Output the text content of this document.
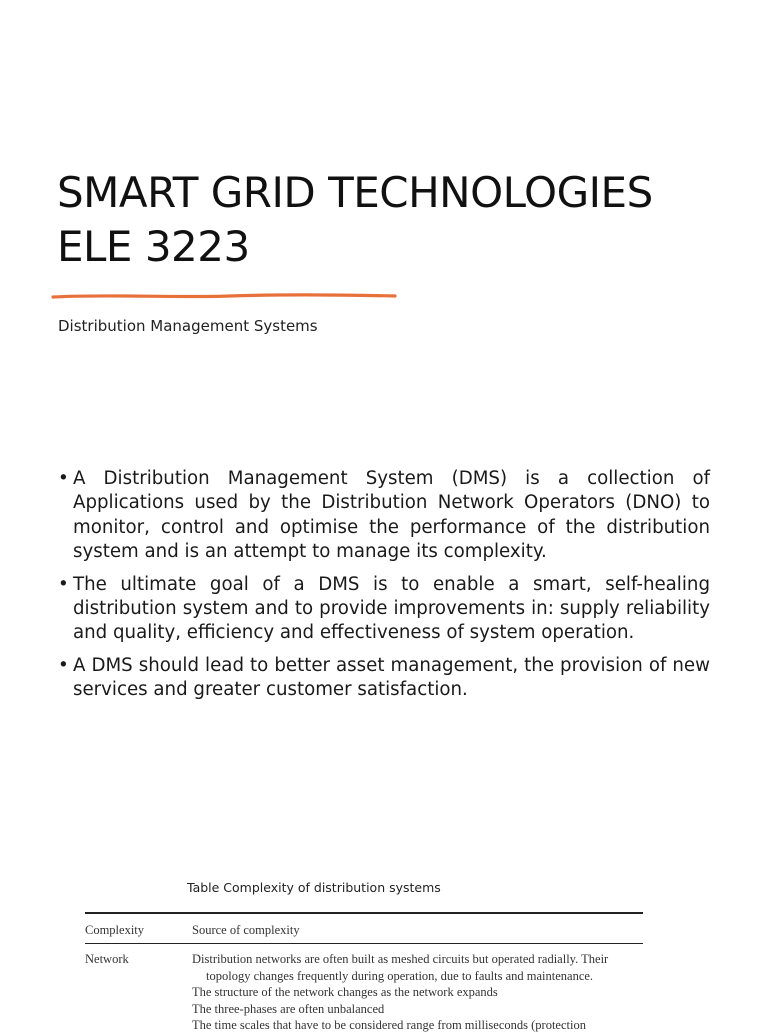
SMART GRID TECHNOLOGIES
ELE 3223

Distribution Management Systems

• A Distribution Management System (DMS) is a collection of Applications used by the Distribution Network Operators (DNO) to monitor, control and optimise the performance of the distribution system and is an attempt to manage its complexity.
• The ultimate goal of a DMS is to enable a smart, self-healing distribution system and to provide improvements in: supply reliability and quality, efficiency and effectiveness of system operation.
• A DMS should lead to better asset management, the provision of new services and greater customer satisfaction.

Table Complexity of distribution systems

Complexity	Source of complexity
Network	Distribution networks are often built as meshed circuits but operated radially. Their
topology changes frequently during operation, due to faults and maintenance.
The structure of the network changes as the network expands
The three-phases are often unbalanced
The time scales that have to be considered range from milliseconds (protection
